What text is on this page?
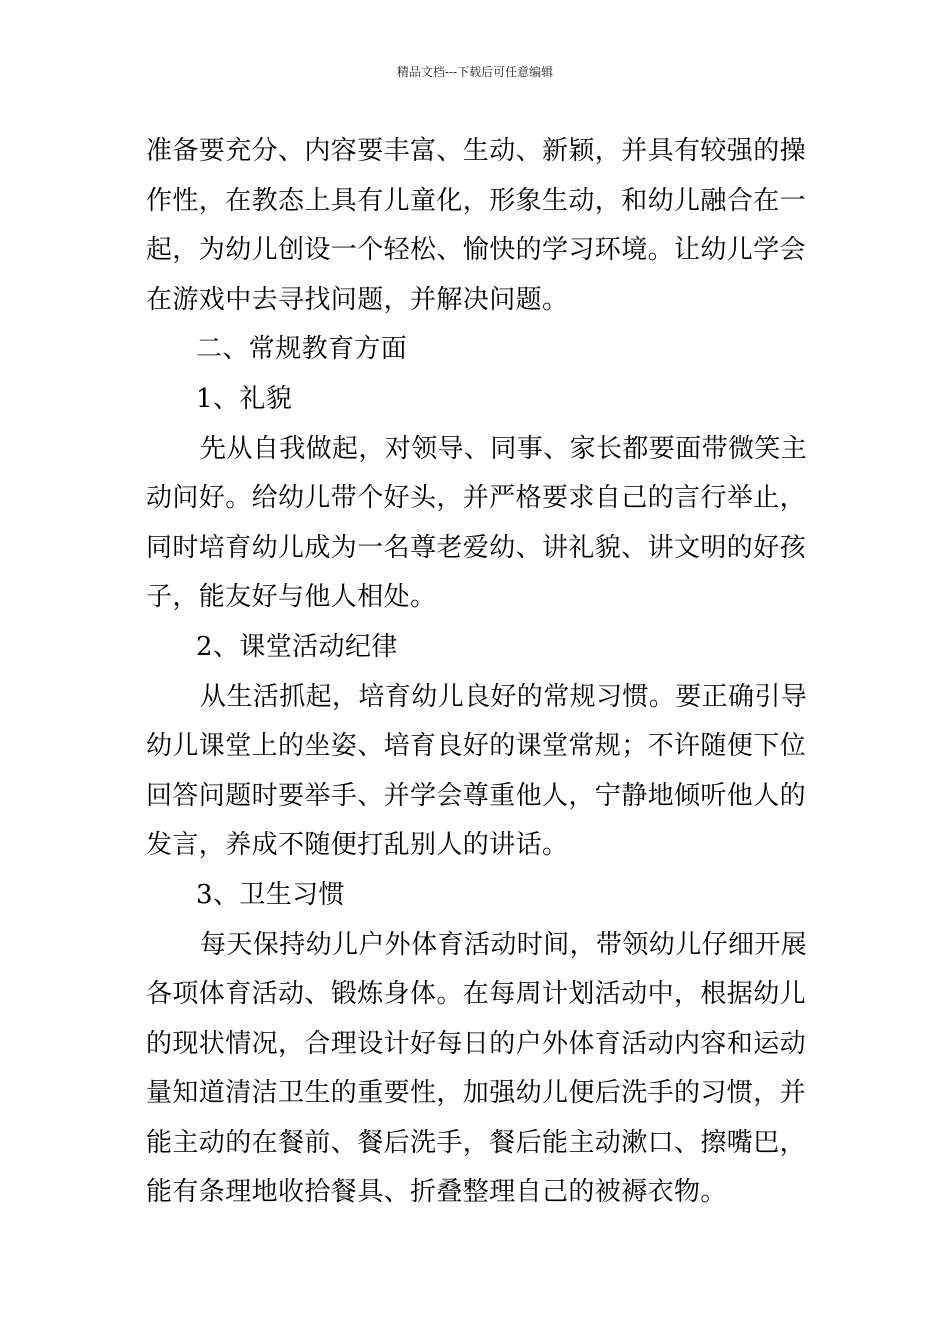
精品文档---下载后可任意编辑
准备要充分、内容要丰富、生动、新颖，并具有较强的操
作性，在教态上具有儿童化，形象生动，和幼儿融合在一
起，为幼儿创设一个轻松、愉快的学习环境。让幼儿学会
在游戏中去寻找问题，并解决问题。
二、常规教育方面
1、礼貌
先从自我做起，对领导、同事、家长都要面带微笑主
动问好。给幼儿带个好头，并严格要求自己的言行举止，
同时培育幼儿成为一名尊老爱幼、讲礼貌、讲文明的好孩
子，能友好与他人相处。
2、课堂活动纪律
从生活抓起，培育幼儿良好的常规习惯。要正确引导
幼儿课堂上的坐姿、培育良好的课堂常规；不许随便下位
回答问题时要举手、并学会尊重他人，宁静地倾听他人的
发言，养成不随便打乱别人的讲话。
3、卫生习惯
每天保持幼儿户外体育活动时间，带领幼儿仔细开展
各项体育活动、锻炼身体。在每周计划活动中，根据幼儿
的现状情况，合理设计好每日的户外体育活动内容和运动
量知道清洁卫生的重要性，加强幼儿便后洗手的习惯，并
能主动的在餐前、餐后洗手，餐后能主动漱口、擦嘴巴，
能有条理地收拾餐具、折叠整理自己的被褥衣物。
